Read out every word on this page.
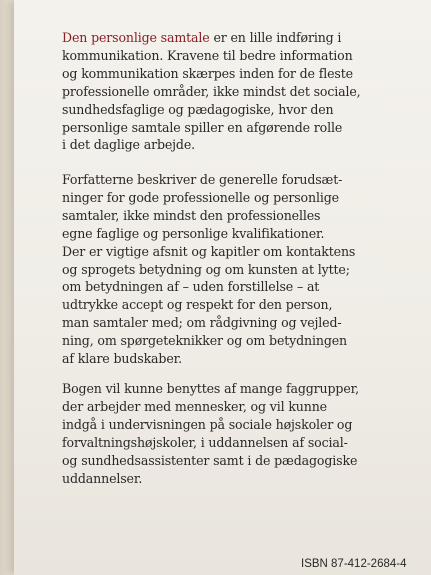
Den personlige samtale er en lille indføring i
kommunikation. Kravene til bedre information
og kommunikation skærpes inden for de fleste
professionelle områder, ikke mindst det sociale,
sundhedsfaglige og pædagogiske, hvor den
personlige samtale spiller en afgørende rolle
i det daglige arbejde.
Forfatterne beskriver de generelle forudsæt-
ninger for gode professionelle og personlige
samtaler, ikke mindst den professionelles
egne faglige og personlige kvalifikationer.
Der er vigtige afsnit og kapitler om kontaktens
og sprogets betydning og om kunsten at lytte;
om betydningen af – uden forstillelse – at
udtrykke accept og respekt for den person,
man samtaler med; om rådgivning og vejled-
ning, om spørgeteknikker og om betydningen
af klare budskaber.
Bogen vil kunne benyttes af mange faggrupper,
der arbejder med mennesker, og vil kunne
indgå i undervisningen på sociale højskoler og
forvaltningshøjskoler, i uddannelsen af social-
og sundhedsassistenter samt i de pædagogiske
uddannelser.
ISBN 87-412-2684-4
